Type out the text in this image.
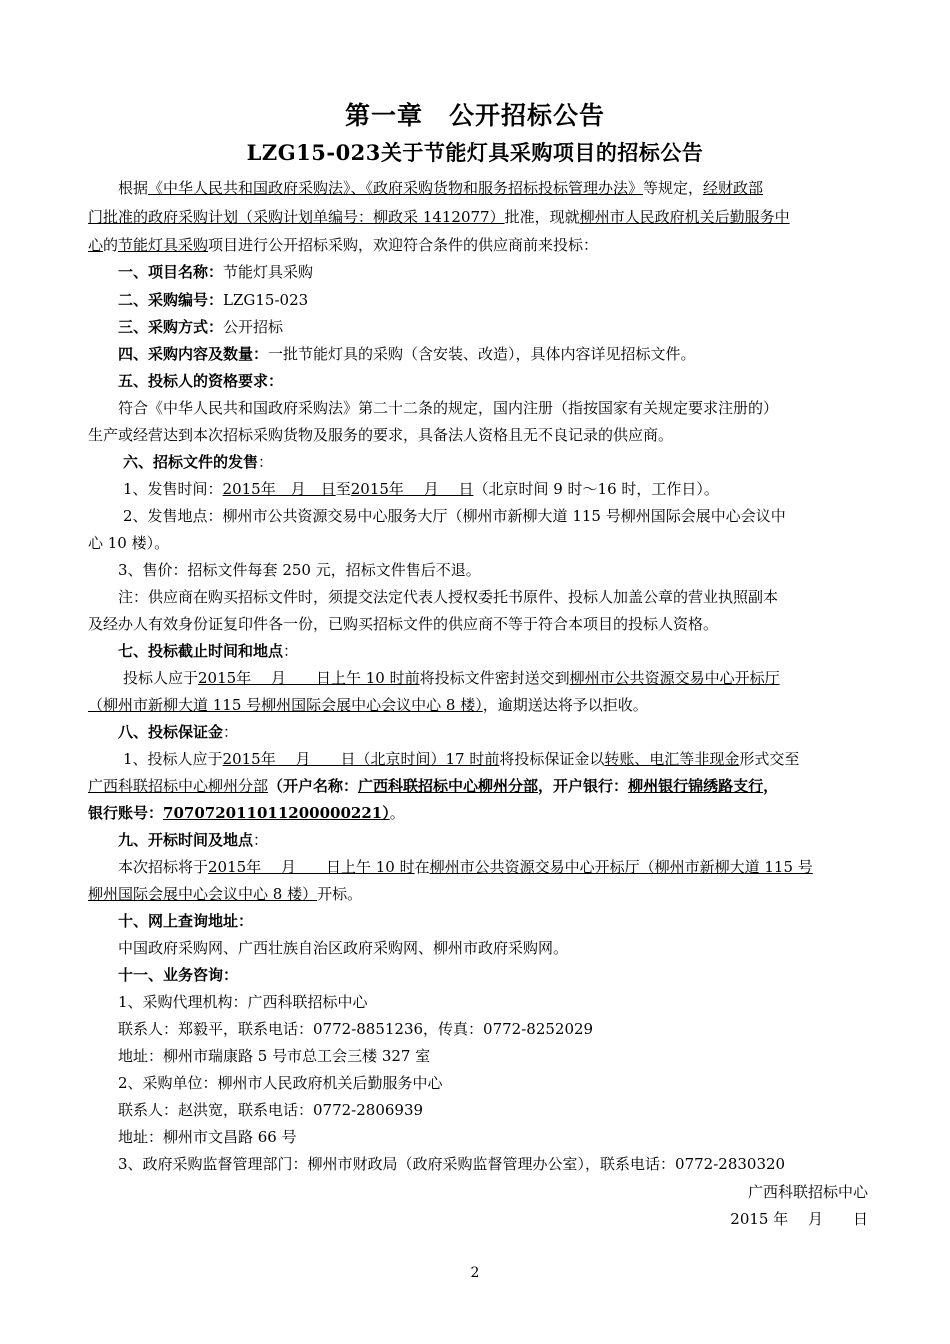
第一章　公开招标公告
LZG15-023关于节能灯具采购项目的招标公告
根据《中华人民共和国政府采购法》、《政府采购货物和服务招标投标管理办法》等规定，经财政部
门批准的政府采购计划（采购计划单编号：柳政采 1412077）批准，现就柳州市人民政府机关后勤服务中
心的节能灯具采购项目进行公开招标采购，欢迎符合条件的供应商前来投标：
一、项目名称：节能灯具采购
二、采购编号：LZG15-023
三、采购方式：公开招标
四、采购内容及数量：一批节能灯具的采购（含安装、改造），具体内容详见招标文件。
五、投标人的资格要求：
符合《中华人民共和国政府采购法》第二十二条的规定，国内注册（指按国家有关规定要求注册的）
生产或经营达到本次招标采购货物及服务的要求，具备法人资格且无不良记录的供应商。
六、招标文件的发售：
1、发售时间：2015年　月　日至2015年　 月　 日（北京时间 9 时～16 时，工作日）。
2、发售地点：柳州市公共资源交易中心服务大厅（柳州市新柳大道 115 号柳州国际会展中心会议中
心 10 楼）。
3、售价：招标文件每套 250 元，招标文件售后不退。
注：供应商在购买招标文件时，须提交法定代表人授权委托书原件、投标人加盖公章的营业执照副本
及经办人有效身份证复印件各一份，已购买招标文件的供应商不等于符合本项目的投标人资格。
七、投标截止时间和地点：
投标人应于2015年　 月　　日上午 10 时前将投标文件密封送交到柳州市公共资源交易中心开标厅
（柳州市新柳大道 115 号柳州国际会展中心会议中心 8 楼），逾期送达将予以拒收。
八、投标保证金：
1、投标人应于2015年　 月　　日（北京时间）17 时前将投标保证金以转账、电汇等非现金形式交至
广西科联招标中心柳州分部（开户名称：广西科联招标中心柳州分部，开户银行：柳州银行锦绣路支行，
银行账号：707072011011200000221）。
九、开标时间及地点：
本次招标将于2015年　 月　　日上午 10 时在柳州市公共资源交易中心开标厅（柳州市新柳大道 115 号
柳州国际会展中心会议中心 8 楼）开标。
十、网上查询地址：
中国政府采购网、广西壮族自治区政府采购网、柳州市政府采购网。
十一、业务咨询：
1、采购代理机构：广西科联招标中心
联系人：郑毅平，联系电话：0772-8851236，传真：0772-8252029
地址：柳州市瑞康路 5 号市总工会三楼 327 室
2、采购单位：柳州市人民政府机关后勤服务中心
联系人：赵洪宽，联系电话：0772-2806939
地址：柳州市文昌路 66 号
3、政府采购监督管理部门：柳州市财政局（政府采购监督管理办公室），联系电话：0772-2830320
广西科联招标中心
2015 年　 月　　日
2
